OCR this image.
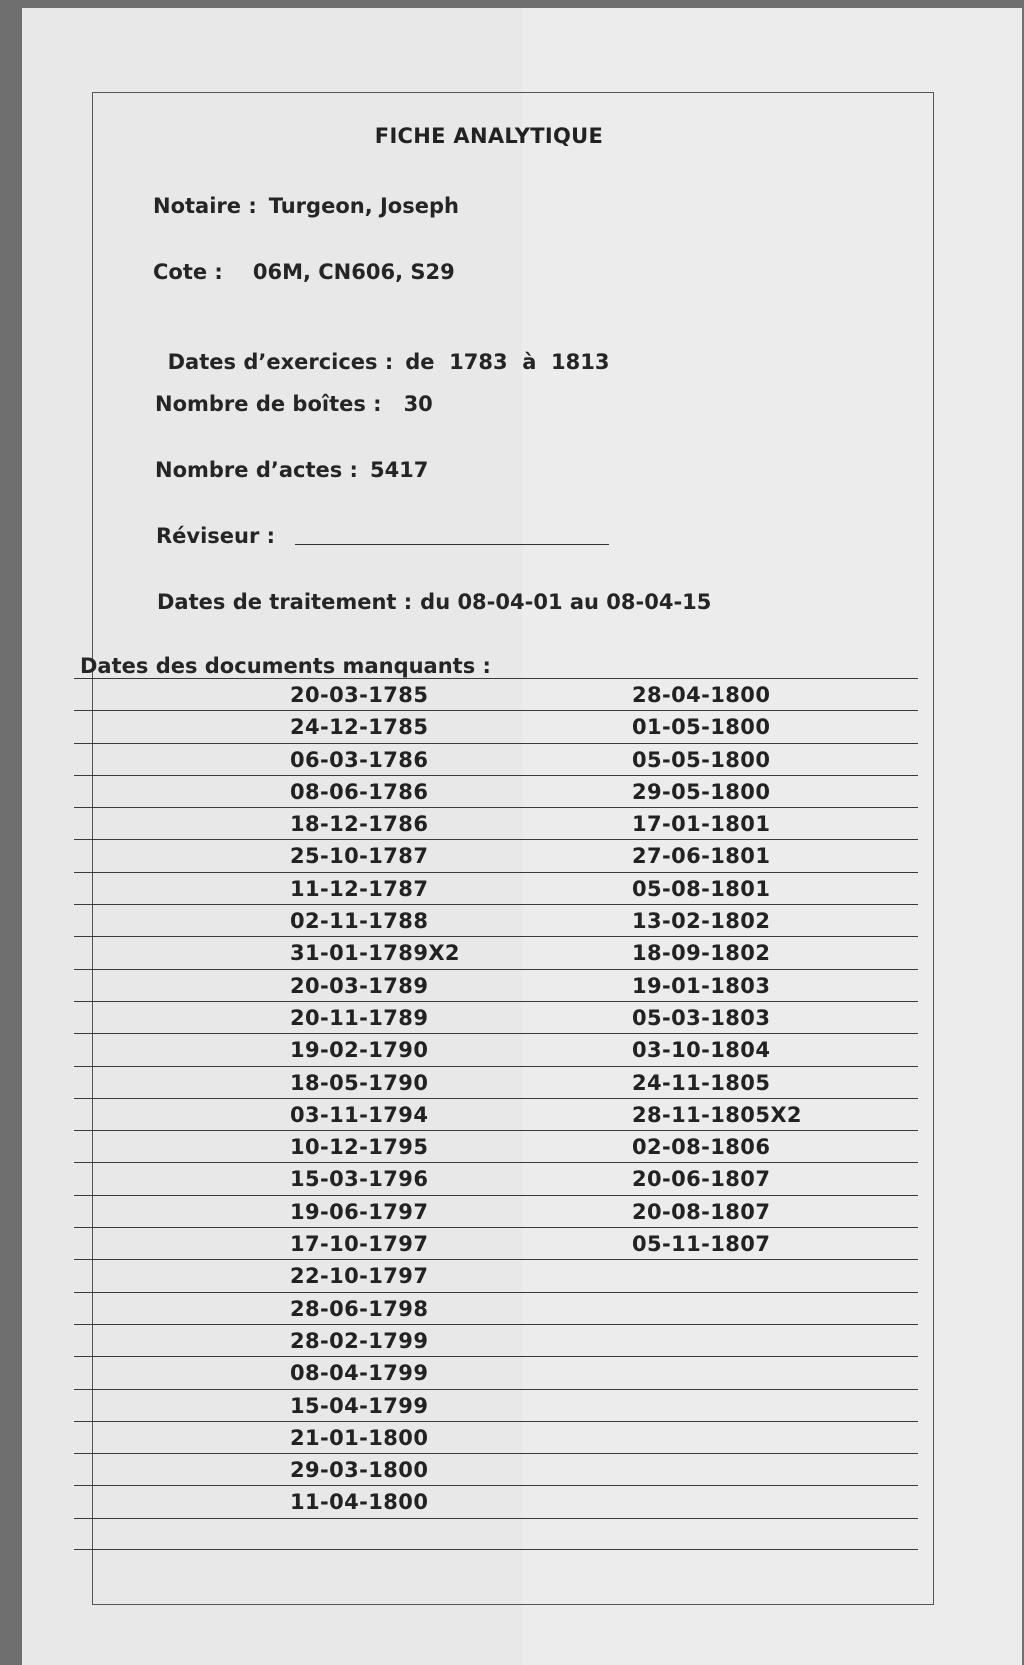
FICHE ANALYTIQUE
Notaire : Turgeon, Joseph
Cote : 06M, CN606, S29

Dates d’exercices : de  1783  à  1813

Nombre de boîtes : 30
Nombre d’actes : 5417
Réviseur :
Dates de traitement : du 08-04-01 au 08-04-15
Dates des documents manquants :
20-03-1785	28-04-1800
24-12-1785	01-05-1800
06-03-1786	05-05-1800
08-06-1786	29-05-1800
18-12-1786	17-01-1801
25-10-1787	27-06-1801
11-12-1787	05-08-1801
02-11-1788	13-02-1802
31-01-1789X2	18-09-1802
20-03-1789	19-01-1803
20-11-1789	05-03-1803
19-02-1790	03-10-1804
18-05-1790	24-11-1805
03-11-1794	28-11-1805X2
10-12-1795	02-08-1806
15-03-1796	20-06-1807
19-06-1797	20-08-1807
17-10-1797	05-11-1807
22-10-1797
28-06-1798
28-02-1799
08-04-1799
15-04-1799
21-01-1800
29-03-1800
11-04-1800
